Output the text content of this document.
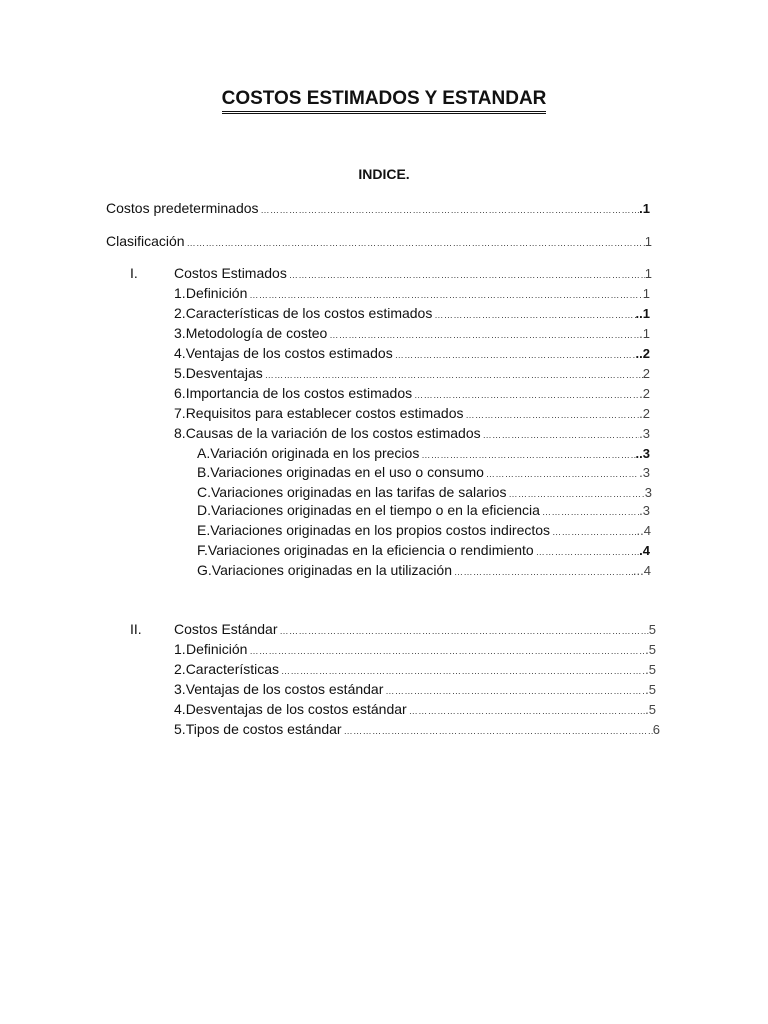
COSTOS ESTIMADOS Y ESTANDAR
INDICE.
Costos predeterminados ……………………………………………………………………………………………………………………………………………………………………………………………………………………	.1
Clasificación ……………………………………………………………………………………………………………………………………………………………………………………………………………………	1
I.	Costos Estimados ……………………………………………………………………………………………………………………………………………………………………………………………………………………	1
1. Definición ……………………………………………………………………………………………………………………………………………………………………………………………………………………	1
2. Características de los costos estimados ……………………………………………………………………………………………………………………………………………………………………………………………………………………	..1
3. Metodología de costeo ……………………………………………………………………………………………………………………………………………………………………………………………………………………	.1
4. Ventajas de los costos estimados ……………………………………………………………………………………………………………………………………………………………………………………………………………………	..2
5. Desventajas ……………………………………………………………………………………………………………………………………………………………………………………………………………………	2
6. Importancia de los costos estimados ……………………………………………………………………………………………………………………………………………………………………………………………………………………	.2
7. Requisitos para establecer costos estimados ……………………………………………………………………………………………………………………………………………………………………………………………………………………	.2
8. Causas de la variación de los costos estimados ……………………………………………………………………………………………………………………………………………………………………………………………………………………	.3
A. Variación originada en los precios ……………………………………………………………………………………………………………………………………………………………………………………………………………………	..3
B. Variaciones originadas en el uso o consumo ……………………………………………………………………………………………………………………………………………………………………………………………………………………	.3
C. Variaciones originadas en las tarifas de salarios ……………………………………………………………………………………………………………………………………………………………………………………………………………………	3
D. Variaciones originadas en el tiempo o en la eficiencia ……………………………………………………………………………………………………………………………………………………………………………………………………………………	.3
E. Variaciones originadas en los propios costos indirectos ……………………………………………………………………………………………………………………………………………………………………………………………………………………	..4
F. Variaciones originadas en la eficiencia o rendimiento ……………………………………………………………………………………………………………………………………………………………………………………………………………………	.4
G. Variaciones originadas en la utilización ……………………………………………………………………………………………………………………………………………………………………………………………………………………	...4
II. Costos Estándar ……………………………………………………………………………………………………………………………………………………………………………………………………………………	5
1. Definición ……………………………………………………………………………………………………………………………………………………………………………………………………………………	.5
2. Características ……………………………………………………………………………………………………………………………………………………………………………………………………………………	.5
3. Ventajas de los costos estándar ……………………………………………………………………………………………………………………………………………………………………………………………………………………	.5
4. Desventajas de los costos estándar ……………………………………………………………………………………………………………………………………………………………………………………………………………………	.5
5. Tipos de costos estándar ……………………………………………………………………………………………………………………………………………………………………………………………………………………	6
